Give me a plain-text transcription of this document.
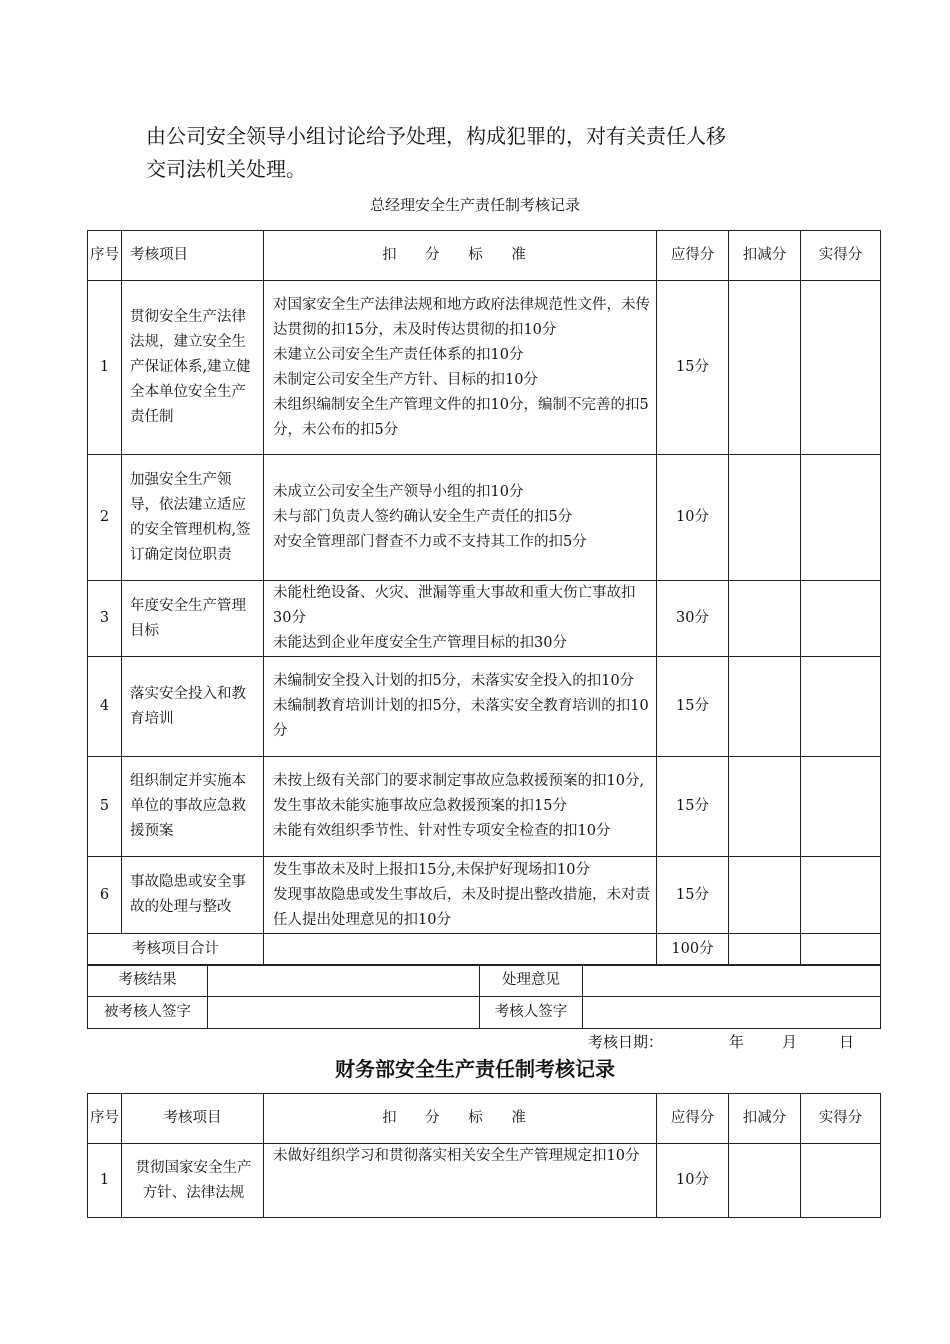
由公司安全领导小组讨论给予处理，构成犯罪的，对有关责任人移
交司法机关处理。
总经理安全生产责任制考核记录
序号	考核项目	扣 分 标 准	应得分	扣减分	实得分
1	贯彻安全生产法律法规，建立安全生产保证体系,建立健全本单位安全生产责任制	对国家安全生产法律法规和地方政府法律规范性文件，未传达贯彻的扣15分，未及时传达贯彻的扣10分
未建立公司安全生产责任体系的扣10分
未制定公司安全生产方针、目标的扣10分
未组织编制安全生产管理文件的扣10分，编制不完善的扣5分，未公布的扣5分	15分		
2	加强安全生产领导，依法建立适应的安全管理机构,签订确定岗位职责	未成立公司安全生产领导小组的扣10分
未与部门负责人签约确认安全生产责任的扣5分
对安全管理部门督查不力或不支持其工作的扣5分	10分		
3	年度安全生产管理目标	未能杜绝设备、火灾、泄漏等重大事故和重大伤亡事故扣30分
未能达到企业年度安全生产管理目标的扣30分	30分		
4	落实安全投入和教育培训	未编制安全投入计划的扣5分，未落实安全投入的扣10分
未编制教育培训计划的扣5分，未落实安全教育培训的扣10分	15分		
5	组织制定并实施本单位的事故应急救援预案	未按上级有关部门的要求制定事故应急救援预案的扣10分,发生事故未能实施事故应急救援预案的扣15分
未能有效组织季节性、针对性专项安全检查的扣10分	15分		
6	事故隐患或安全事故的处理与整改	发生事故未及时上报扣15分,未保护好现场扣10分
发现事故隐患或发生事故后，未及时提出整改措施，未对责任人提出处理意见的扣10分	15分		
考核项目合计			100分		
考核结果		处理意见	
被考核人签字		考核人签字	
考核日期：	年	月	日
财务部安全生产责任制考核记录
序号	考核项目	扣 分 标 准	应得分	扣减分	实得分
1	贯彻国家安全生产方针、法律法规	未做好组织学习和贯彻落实相关安全生产管理规定扣10分	10分		
